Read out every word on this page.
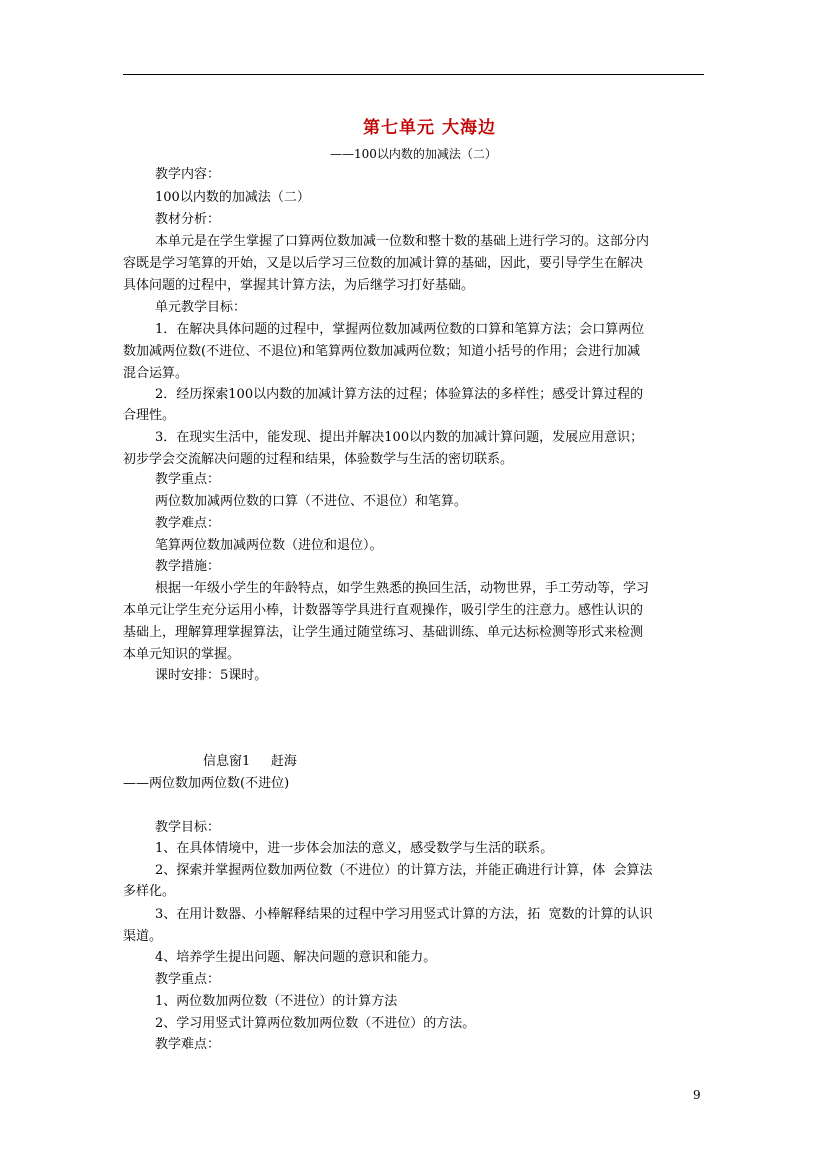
第七单元 大海边
——100以内数的加减法（二）
教学内容：
100以内数的加减法（二）
教材分析：
本单元是在学生掌握了口算两位数加减一位数和整十数的基础上进行学习的。这部分内
容既是学习笔算的开始，又是以后学习三位数的加减计算的基础，因此，要引导学生在解决
具体问题的过程中，掌握其计算方法，为后继学习打好基础。
单元教学目标：
1．在解决具体问题的过程中，掌握两位数加减两位数的口算和笔算方法；会口算两位
数加减两位数(不进位、不退位)和笔算两位数加减两位数；知道小括号的作用；会进行加减
混合运算。
2．经历探索100以内数的加减计算方法的过程；体验算法的多样性；感受计算过程的
合理性。
3．在现实生活中，能发现、提出并解决100以内数的加减计算问题，发展应用意识；
初步学会交流解决问题的过程和结果，体验数学与生活的密切联系。
教学重点：
两位数加减两位数的口算（不进位、不退位）和笔算。
教学难点：
笔算两位数加减两位数（进位和退位）。
教学措施：
根据一年级小学生的年龄特点，如学生熟悉的换回生活，动物世界，手工劳动等，学习
本单元让学生充分运用小棒，计数器等学具进行直观操作，吸引学生的注意力。感性认识的
基础上，理解算理掌握算法，让学生通过随堂练习、基础训练、单元达标检测等形式来检测
本单元知识的掌握。
课时安排：5课时。
信息窗1     赶海
——两位数加两位数(不进位)
教学目标：
1、在具体情境中，进一步体会加法的意义，感受数学与生活的联系。
2、探索并掌握两位数加两位数（不进位）的计算方法，并能正确进行计算，体  会算法
多样化。
3、在用计数器、小棒解释结果的过程中学习用竖式计算的方法，拓  宽数的计算的认识
渠道。
4、培养学生提出问题、解决问题的意识和能力。
教学重点：
1、两位数加两位数（不进位）的计算方法
2、学习用竖式计算两位数加两位数（不进位）的方法。
教学难点：
9
